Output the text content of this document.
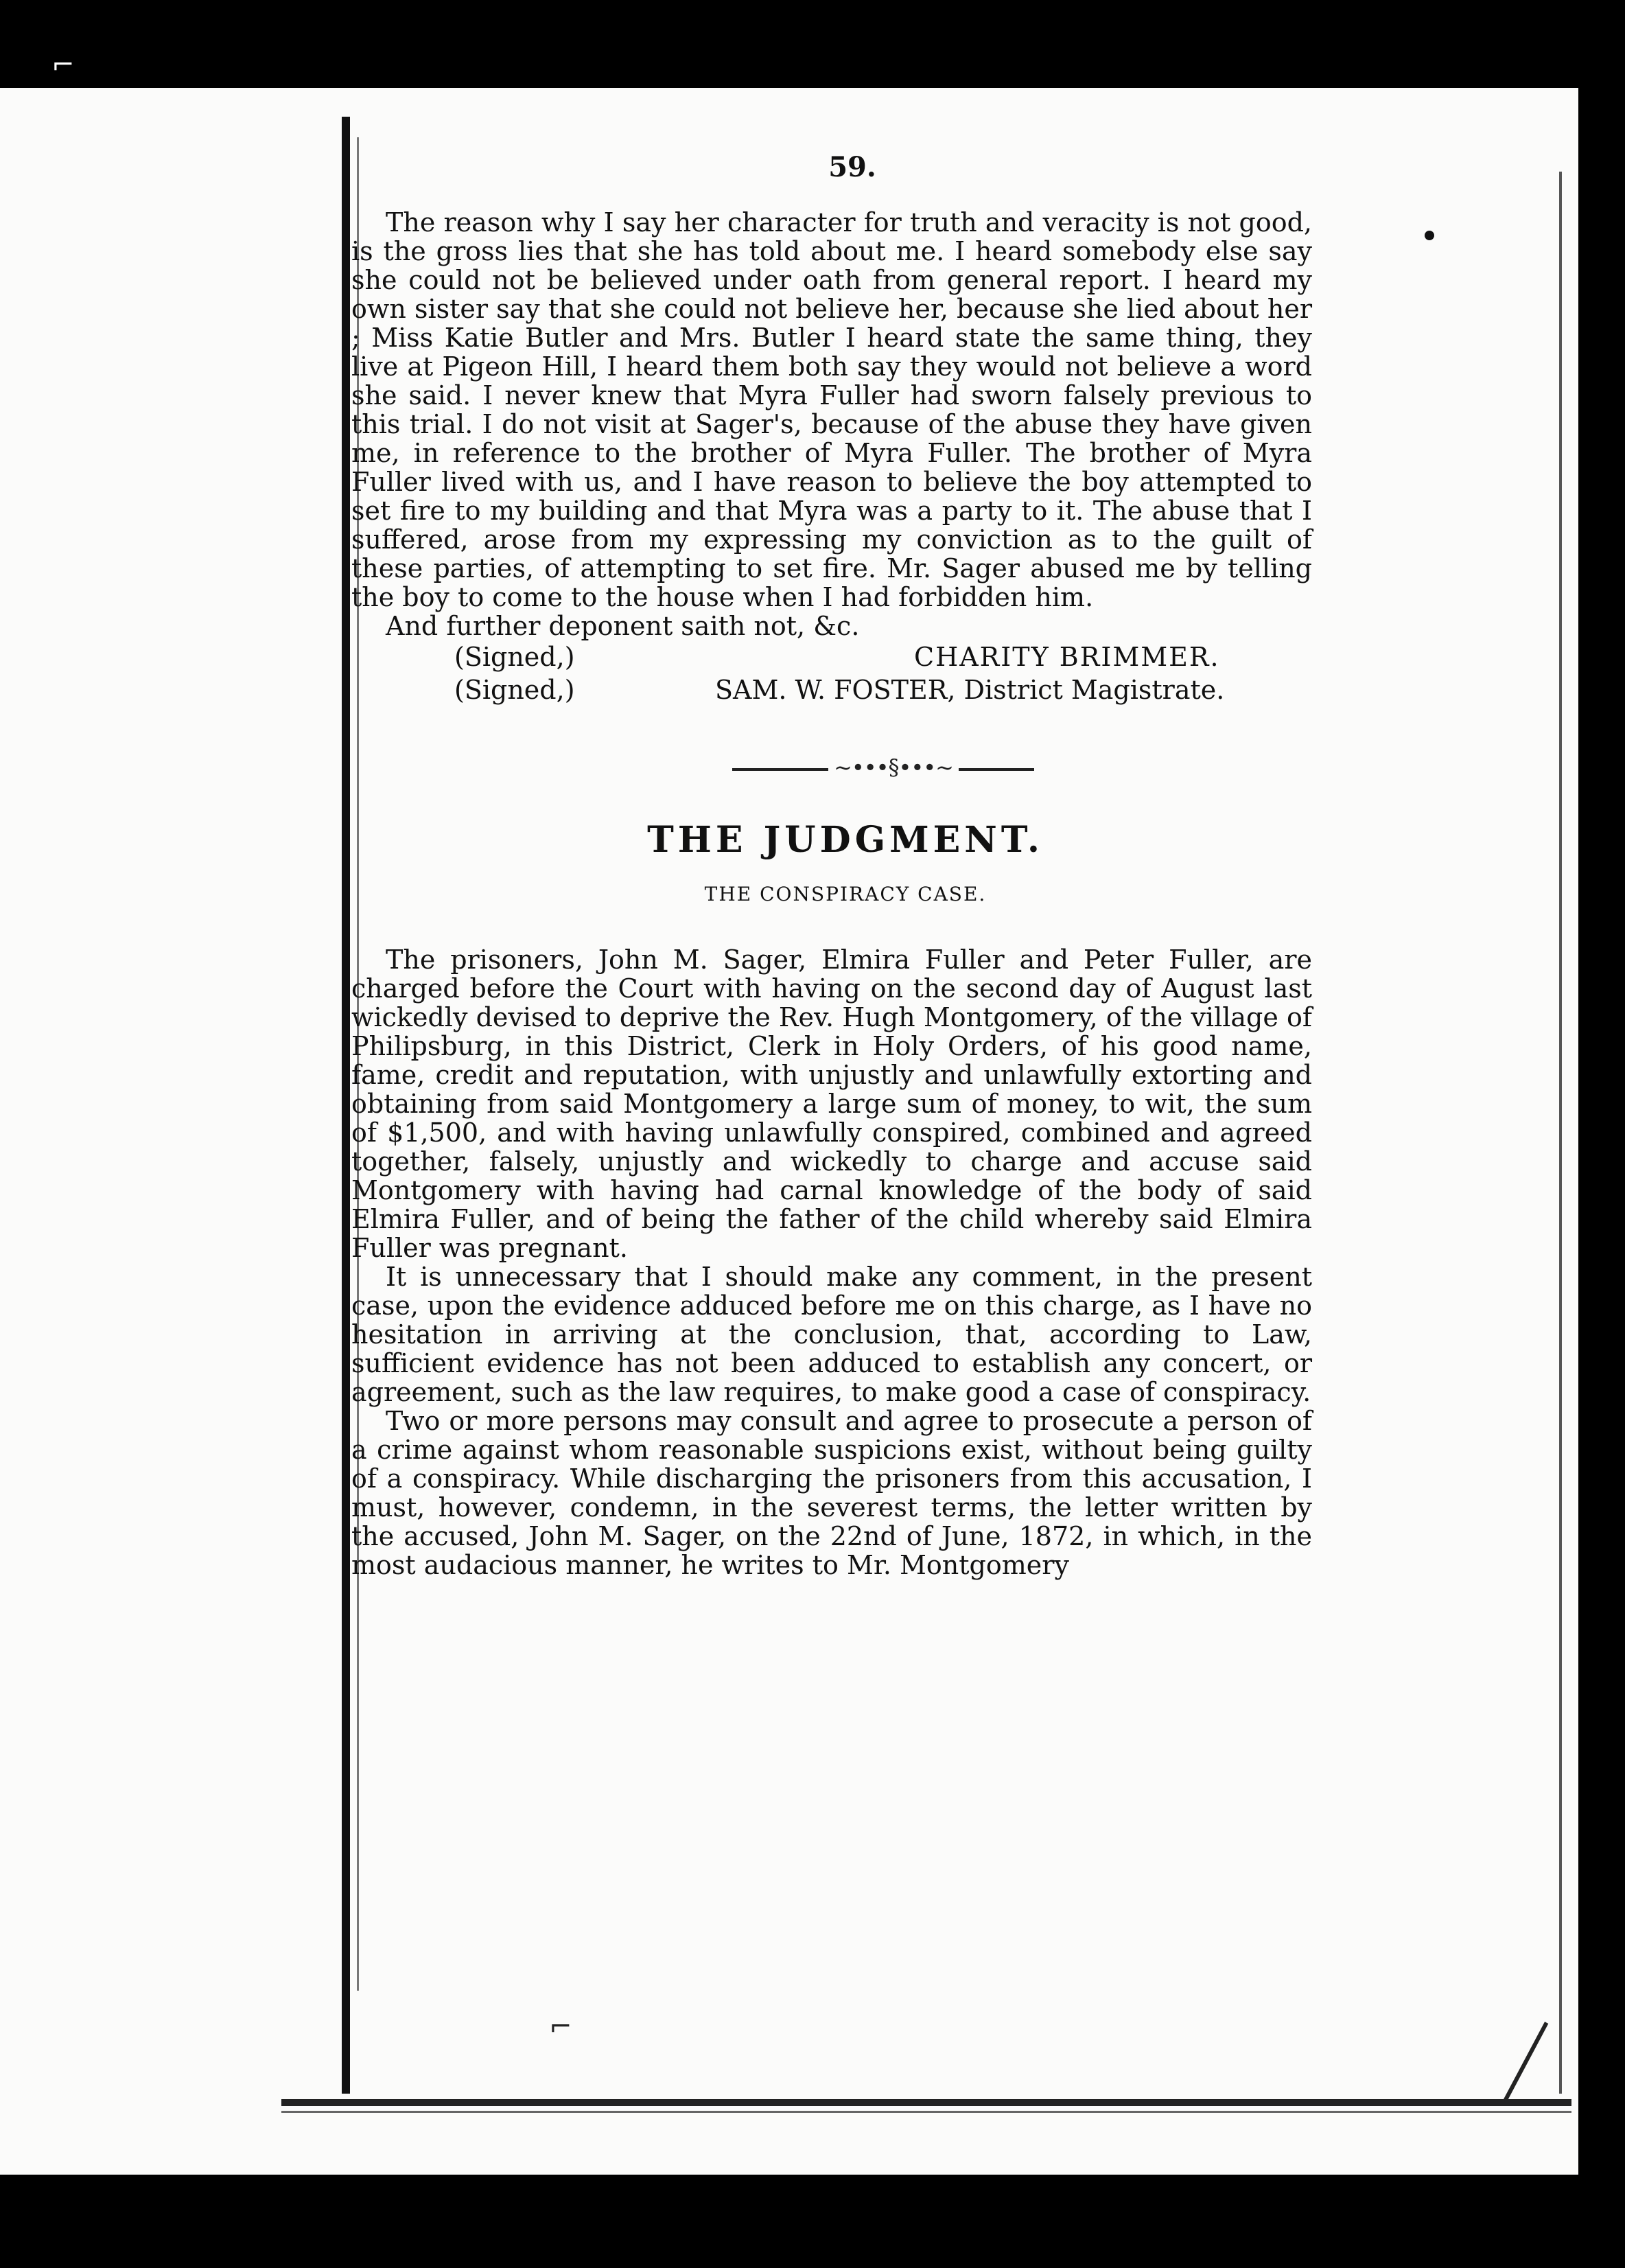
⌐
⌐
59.

The reason why I say her character for truth and veracity is not good, is the gross lies that she has told about me. I heard somebody else say she could not be believed under oath from general report. I heard my own sister say that she could not believe her, because she lied about her ; Miss Katie Butler and Mrs. Butler I heard state the same thing, they live at Pigeon Hill, I heard them both say they would not believe a word she said. I never knew that Myra Fuller had sworn falsely previous to this trial. I do not visit at Sager's, because of the abuse they have given me, in reference to the brother of Myra Fuller. The brother of Myra Fuller lived with us, and I have reason to believe the boy attempted to set fire to my building and that Myra was a party to it. The abuse that I suffered, arose from my expressing my conviction as to the guilt of these parties, of attempting to set fire. Mr. Sager abused me by telling the boy to come to the house when I had forbidden him.

And further deponent saith not, &c.

(Signed,)	CHARITY BRIMMER.
(Signed,)	SAM. W. FOSTER, District Magistrate.
~•••§•••~
THE JUDGMENT.
THE CONSPIRACY CASE.

The prisoners, John M. Sager, Elmira Fuller and Peter Fuller, are charged before the Court with having on the second day of August last wickedly devised to deprive the Rev. Hugh Montgomery, of the village of Philipsburg, in this District, Clerk in Holy Orders, of his good name, fame, credit and reputation, with unjustly and unlawfully extorting and obtaining from said Montgomery a large sum of money, to wit, the sum of $1,500, and with having unlawfully conspired, combined and agreed together, falsely, unjustly and wickedly to charge and accuse said Montgomery with having had carnal knowledge of the body of said Elmira Fuller, and of being the father of the child whereby said Elmira Fuller was pregnant.

It is unnecessary that I should make any comment, in the present case, upon the evidence adduced before me on this charge, as I have no hesitation in arriving at the conclusion, that, according to Law, sufficient evidence has not been adduced to establish any concert, or agreement, such as the law requires, to make good a case of conspiracy.

Two or more persons may consult and agree to prosecute a person of a crime against whom reasonable suspicions exist, without being guilty of a conspiracy. While discharging the prisoners from this accusation, I must, however, condemn, in the severest terms, the letter written by the accused, John M. Sager, on the 22nd of June, 1872, in which, in the most audacious manner, he writes to Mr. Montgomery
